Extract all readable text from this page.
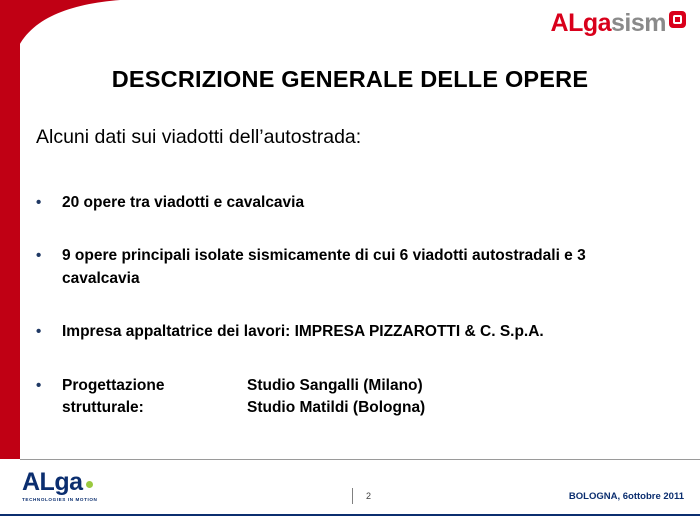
ALgasism
DESCRIZIONE GENERALE DELLE OPERE
Alcuni dati sui viadotti dell’autostrada:
•	20 opere tra viadotti e cavalcavia
•	9 opere principali isolate sismicamente di cui 6 viadotti autostradali e 3 cavalcavia
•	Impresa appaltatrice dei lavori: IMPRESA PIZZAROTTI & C. S.p.A.
•	Progettazione strutturale:
Studio Sangalli (Milano)
Studio Matildi (Bologna)
ALga
TECHNOLOGIES IN MOTION	2	BOLOGNA, 6ottobre 2011
